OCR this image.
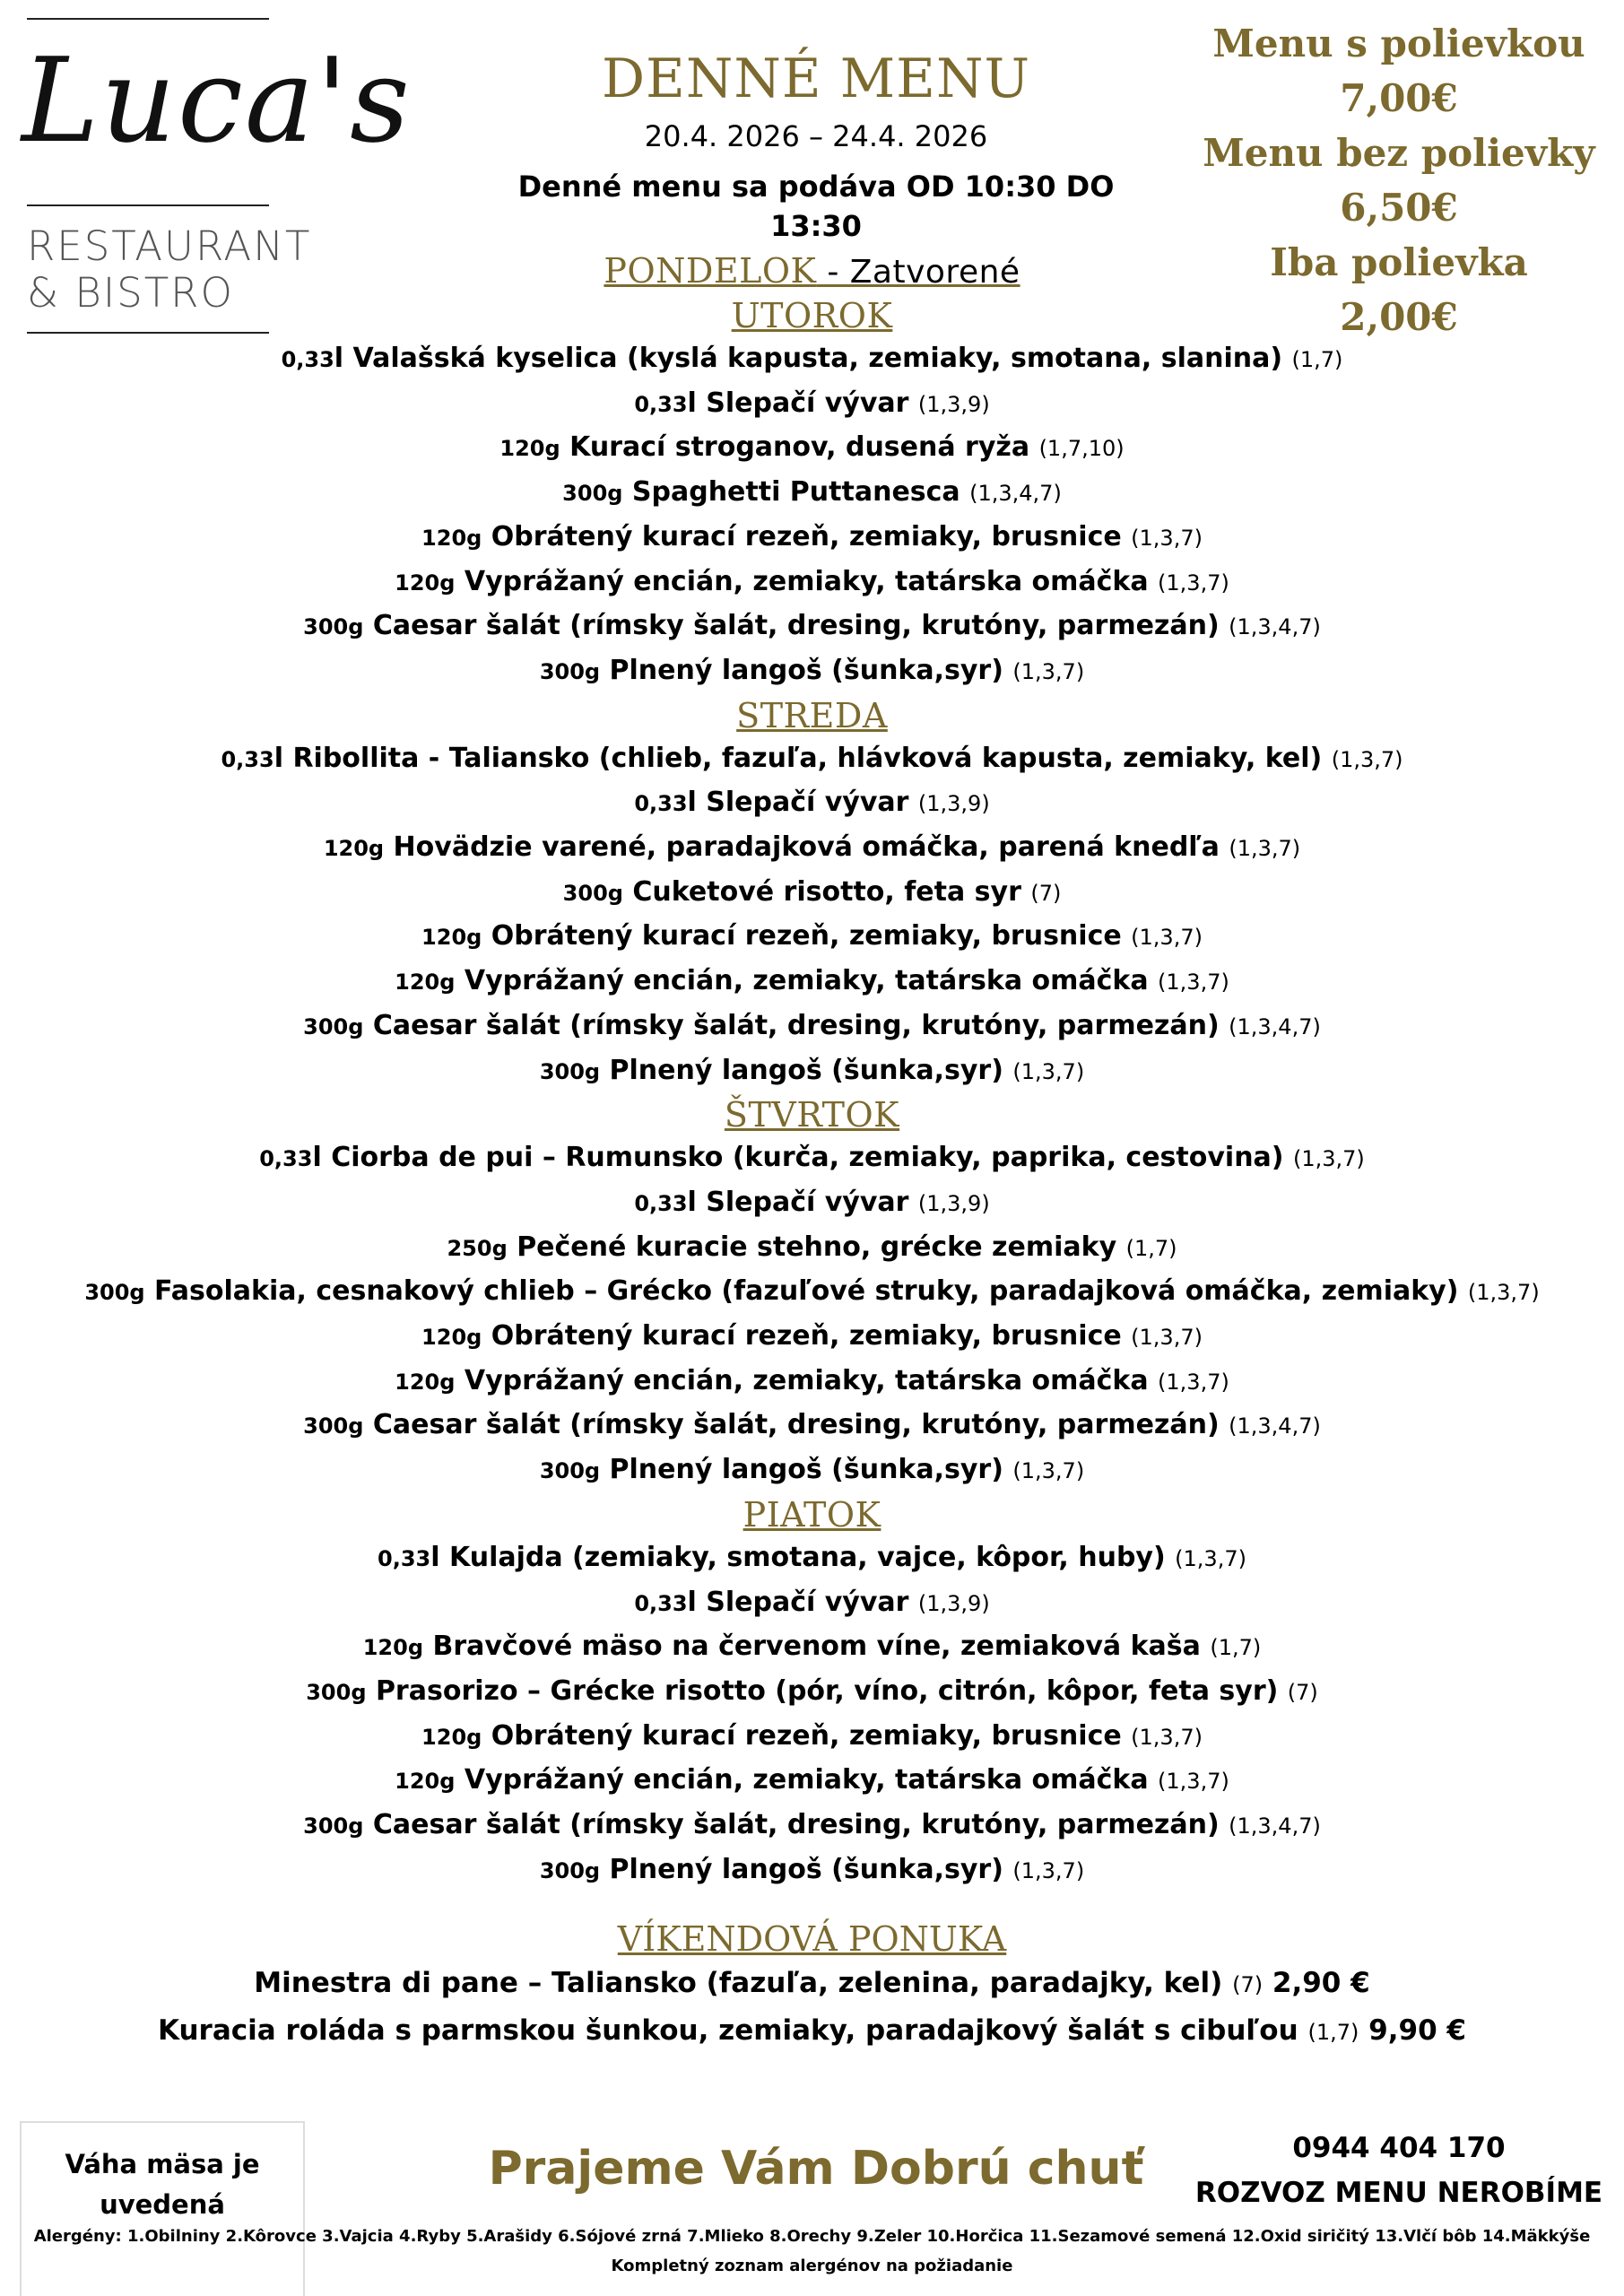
Luca's
RESTAURANT
& BISTRO
DENNÉ MENU
20.4. 2026 – 24.4. 2026
Denné menu sa podáva OD 10:30 DO 13:30
Menu s polievkou
7,00€
Menu bez polievky
6,50€
Iba polievka
2,00€
PONDELOK - Zatvorené
UTOROK
0,33l Valašská kyselica (kyslá kapusta, zemiaky, smotana, slanina) (1,7)
0,33l Slepačí vývar (1,3,9)
120g Kurací stroganov, dusená ryža (1,7,10)
300g Spaghetti Puttanesca (1,3,4,7)
120g Obrátený kurací rezeň, zemiaky, brusnice (1,3,7)
120g Vyprážaný encián, zemiaky, tatárska omáčka (1,3,7)
300g Caesar šalát (rímsky šalát, dresing, krutóny, parmezán) (1,3,4,7)
300g Plnený langoš (šunka,syr) (1,3,7)
STREDA
0,33l Ribollita - Taliansko (chlieb, fazuľa, hlávková kapusta, zemiaky, kel) (1,3,7)
0,33l Slepačí vývar (1,3,9)
120g Hovädzie varené, paradajková omáčka, parená knedľa (1,3,7)
300g Cuketové risotto, feta syr (7)
120g Obrátený kurací rezeň, zemiaky, brusnice (1,3,7)
120g Vyprážaný encián, zemiaky, tatárska omáčka (1,3,7)
300g Caesar šalát (rímsky šalát, dresing, krutóny, parmezán) (1,3,4,7)
300g Plnený langoš (šunka,syr) (1,3,7)
ŠTVRTOK
0,33l Ciorba de pui – Rumunsko (kurča, zemiaky, paprika, cestovina) (1,3,7)
0,33l Slepačí vývar (1,3,9)
250g Pečené kuracie stehno, grécke zemiaky (1,7)
300g Fasolakia, cesnakový chlieb – Grécko (fazuľové struky, paradajková omáčka, zemiaky) (1,3,7)
120g Obrátený kurací rezeň, zemiaky, brusnice (1,3,7)
120g Vyprážaný encián, zemiaky, tatárska omáčka (1,3,7)
300g Caesar šalát (rímsky šalát, dresing, krutóny, parmezán) (1,3,4,7)
300g Plnený langoš (šunka,syr) (1,3,7)
PIATOK
0,33l Kulajda (zemiaky, smotana, vajce, kôpor, huby) (1,3,7)
0,33l Slepačí vývar (1,3,9)
120g Bravčové mäso na červenom víne, zemiaková kaša (1,7)
300g Prasorizo – Grécke risotto (pór, víno, citrón, kôpor, feta syr) (7)
120g Obrátený kurací rezeň, zemiaky, brusnice (1,3,7)
120g Vyprážaný encián, zemiaky, tatárska omáčka (1,3,7)
300g Caesar šalát (rímsky šalát, dresing, krutóny, parmezán) (1,3,4,7)
300g Plnený langoš (šunka,syr) (1,3,7)
VÍKENDOVÁ PONUKA
Minestra di pane – Taliansko (fazuľa, zelenina, paradajky, kel) (7) 2,90 €
Kuracia roláda s parmskou šunkou, zemiaky, paradajkový šalát s cibuľou (1,7) 9,90 €
Váha mäsa je
uvedená
Prajeme Vám Dobrú chuť	0944 404 170
ROZVOZ MENU NEROBÍME
Alergény: 1.Obilniny 2.Kôrovce 3.Vajcia 4.Ryby 5.Arašidy 6.Sójové zrná 7.Mlieko 8.Orechy 9.Zeler 10.Horčica 11.Sezamové semená 12.Oxid siričitý 13.Vlčí bôb 14.Mäkkýše
Kompletný zoznam alergénov na požiadanie
